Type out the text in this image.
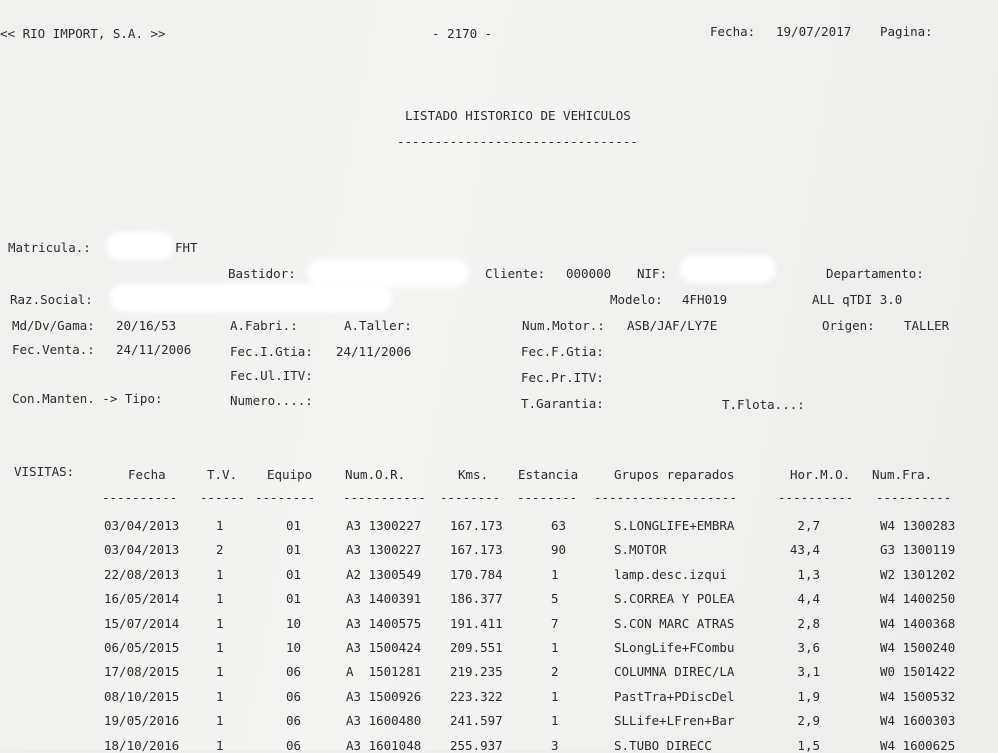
<< RIO IMPORT, S.A. >>	- 2170 -	Fecha: 19/07/2017 Pagina:
LISTADO HISTORICO DE VEHICULOS
--------------------------------
Matricula.:	FHT
Bastidor:	Cliente: 000000 NIF:	Departamento:
Raz.Social:	Modelo: 4FH019	ALL qTDI 3.0
Md/Dv/Gama: 20/16/53	A.Fabri.:	A.Taller:	Num.Motor.: ASB/JAF/LY7E	Origen: TALLER
Fec.Venta.: 24/11/2006	Fec.I.Gtia: 24/11/2006	Fec.F.Gtia:
Fec.Ul.ITV:	Fec.Pr.ITV:
Con.Manten. -> Tipo:	Numero....:	T.Garantia:	T.Flota...:
VISITAS:	Fecha	T.V. Equipo	Num.O.R.	Kms. Estancia	Grupos reparados	Hor.M.O. Num.Fra.
---------- ------ -------- ----------- -------- -------- -------------------	---------- ----------
03/04/2013	1	01	A3 1300227 167.173	63	S.LONGLIFE+EMBRA	2,7	W4 1300283
03/04/2013	2	01	A3 1300227 167.173	90	S.MOTOR	43,4	G3 1300119
22/08/2013	1	01	A2 1300549 170.784	1	lamp.desc.izqui	1,3	W2 1301202
16/05/2014	1	01	A3 1400391 186.377	5	S.CORREA Y POLEA	4,4	W4 1400250
15/07/2014	1	10	A3 1400575 191.411	7	S.CON MARC ATRAS	2,8	W4 1400368
06/05/2015	1	10	A3 1500424 209.551	1	SLongLife+FCombu	3,6	W4 1500240
17/08/2015	1	06	A  1501281 219.235	2	COLUMNA DIREC/LA	3,1	W0 1501422
08/10/2015	1	06	A3 1500926 223.322	1	PastTra+PDiscDel	1,9	W4 1500532
19/05/2016	1	06	A3 1600480 241.597	1	SLLife+LFren+Bar	2,9	W4 1600303
18/10/2016	1	06	A3 1601048 255.937	3	S.TUBO DIRECC	1,5	W4 1600625
